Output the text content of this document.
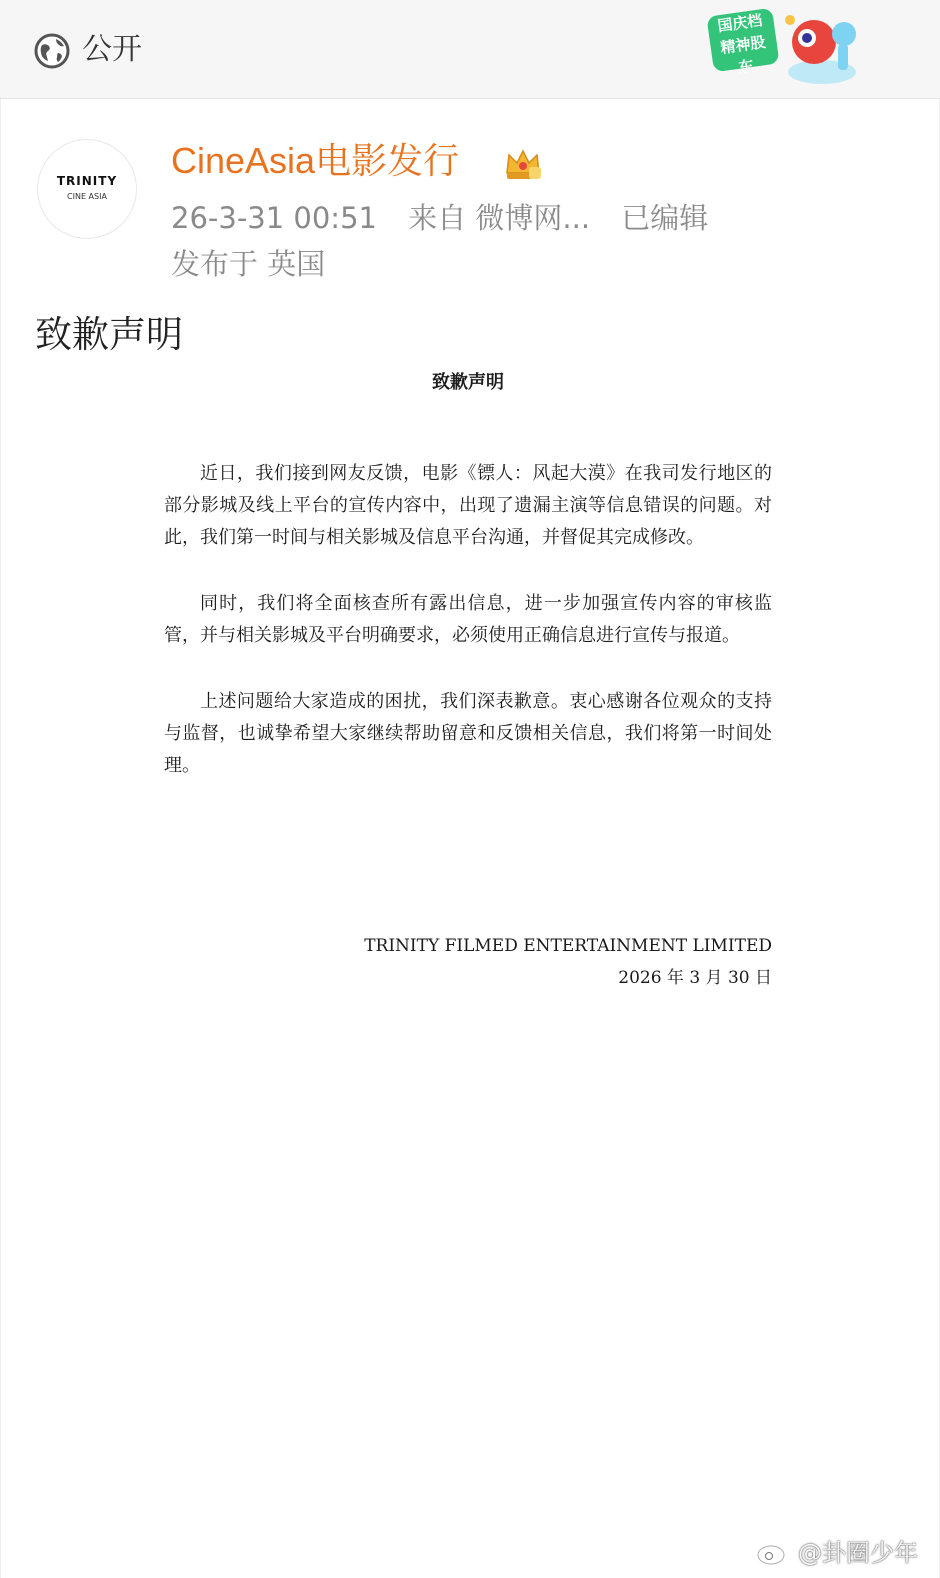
公开
国庆档
精神股东
TRINITY
CINE ASIA
CineAsia电影发行
26-3-31 00:51 来自 微博网... 已编辑
发布于 英国
致歉声明
致歉声明

近日，我们接到网友反馈，电影《镖人：风起大漠》在我司发行地区的部分影城及线上平台的宣传内容中，出现了遗漏主演等信息错误的问题。对此，我们第一时间与相关影城及信息平台沟通，并督促其完成修改。

同时，我们将全面核查所有露出信息，进一步加强宣传内容的审核监管，并与相关影城及平台明确要求，必须使用正确信息进行宣传与报道。

上述问题给大家造成的困扰，我们深表歉意。衷心感谢各位观众的支持与监督，也诚挚希望大家继续帮助留意和反馈相关信息，我们将第一时间处理。

TRINITY FILMED ENTERTAINMENT LIMITED
2026 年 3 月 30 日
@卦圈少年
